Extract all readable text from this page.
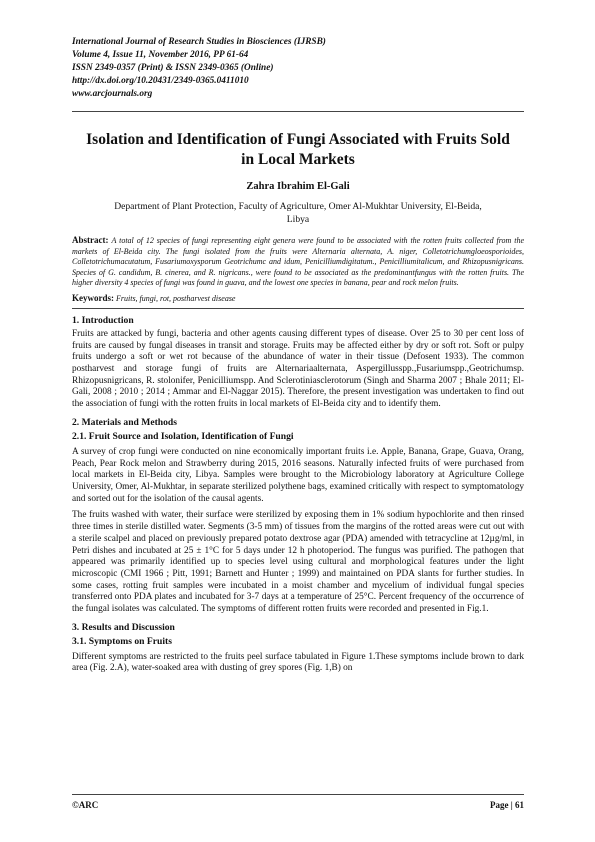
International Journal of Research Studies in Biosciences (IJRSB)

Volume 4, Issue 11, November 2016, PP 61-64

ISSN 2349-0357 (Print) & ISSN 2349-0365 (Online)

http://dx.doi.org/10.20431/2349-0365.0411010

www.arcjournals.org

Isolation and Identification of Fungi Associated with Fruits Sold in Local Markets
Zahra Ibrahim El-Gali
Department of Plant Protection, Faculty of Agriculture, Omer Al-Mukhtar University, El-Beida, Libya

Abstract: A total of 12 species of fungi representing eight genera were found to be associated with the rotten fruits collected from the markets of El-Beida city. The fungi isolated from the fruits were Alternaria alternata, A. niger, Colletotrichumgloeosporioides, Colletotrichumacutatum, Fusariumoxysporum Geotrichumc and idum, Penicilliumdigitatum., Penicilliumitalicum, and Rhizopusnigricans. Species of G. candidum, B. cinerea, and R. nigricans., were found to be associated as the predominantfungus with the rotten fruits. The higher diversity 4 species of fungi was found in guava, and the lowest one species in banana, pear and rock melon fruits.

Keywords: Fruits, fungi, rot, postharvest disease

1. Introduction

Fruits are attacked by fungi, bacteria and other agents causing different types of disease. Over 25 to 30 per cent loss of fruits are caused by fungal diseases in transit and storage. Fruits may be affected either by dry or soft rot. Soft or pulpy fruits undergo a soft or wet rot because of the abundance of water in their tissue (Defosent 1933). The common postharvest and storage fungi of fruits are Alternariaalternata, Aspergillusspp.,Fusariumspp.,Geotrichumsp. Rhizopusnigricans, R. stolonifer, Penicilliumspp. And Sclerotiniasclerotorum (Singh and Sharma 2007 ; Bhale 2011; El-Gali, 2008 ; 2010 ; 2014 ; Ammar and El-Naggar 2015). Therefore, the present investigation was undertaken to find out the association of fungi with the rotten fruits in local markets of El-Beida city and to identify them.

2. Materials and Methods
2.1. Fruit Source and Isolation, Identification of Fungi

A survey of crop fungi were conducted on nine economically important fruits i.e. Apple, Banana, Grape, Guava, Orang, Peach, Pear Rock melon and Strawberry during 2015, 2016 seasons. Naturally infected fruits of were purchased from local markets in El-Beida city, Libya. Samples were brought to the Microbiology laboratory at Agriculture College University, Omer, Al-Mukhtar, in separate sterilized polythene bags, examined critically with respect to symptomatology and sorted out for the isolation of the causal agents.

The fruits washed with water, their surface were sterilized by exposing them in 1% sodium hypochlorite and then rinsed three times in sterile distilled water. Segments (3-5 mm) of tissues from the margins of the rotted areas were cut out with a sterile scalpel and placed on previously prepared potato dextrose agar (PDA) amended with tetracycline at 12µg/ml, in Petri dishes and incubated at 25 ± 1°C for 5 days under 12 h photoperiod. The fungus was purified. The pathogen that appeared was primarily identified up to species level using cultural and morphological features under the light microscopic (CMI 1966 ; Pitt, 1991; Barnett and Hunter ; 1999) and maintained on PDA slants for further studies. In some cases, rotting fruit samples were incubated in a moist chamber and mycelium of individual fungal species transferred onto PDA plates and incubated for 3-7 days at a temperature of 25°C. Percent frequency of the occurrence of the fungal isolates was calculated. The symptoms of different rotten fruits were recorded and presented in Fig.1.

3. Results and Discussion
3.1. Symptoms on Fruits

Different symptoms are restricted to the fruits peel surface tabulated in Figure 1.These symptoms include brown to dark area (Fig. 2.A), water-soaked area with dusting of grey spores (Fig. 1,B) on

©ARC	Page | 61
